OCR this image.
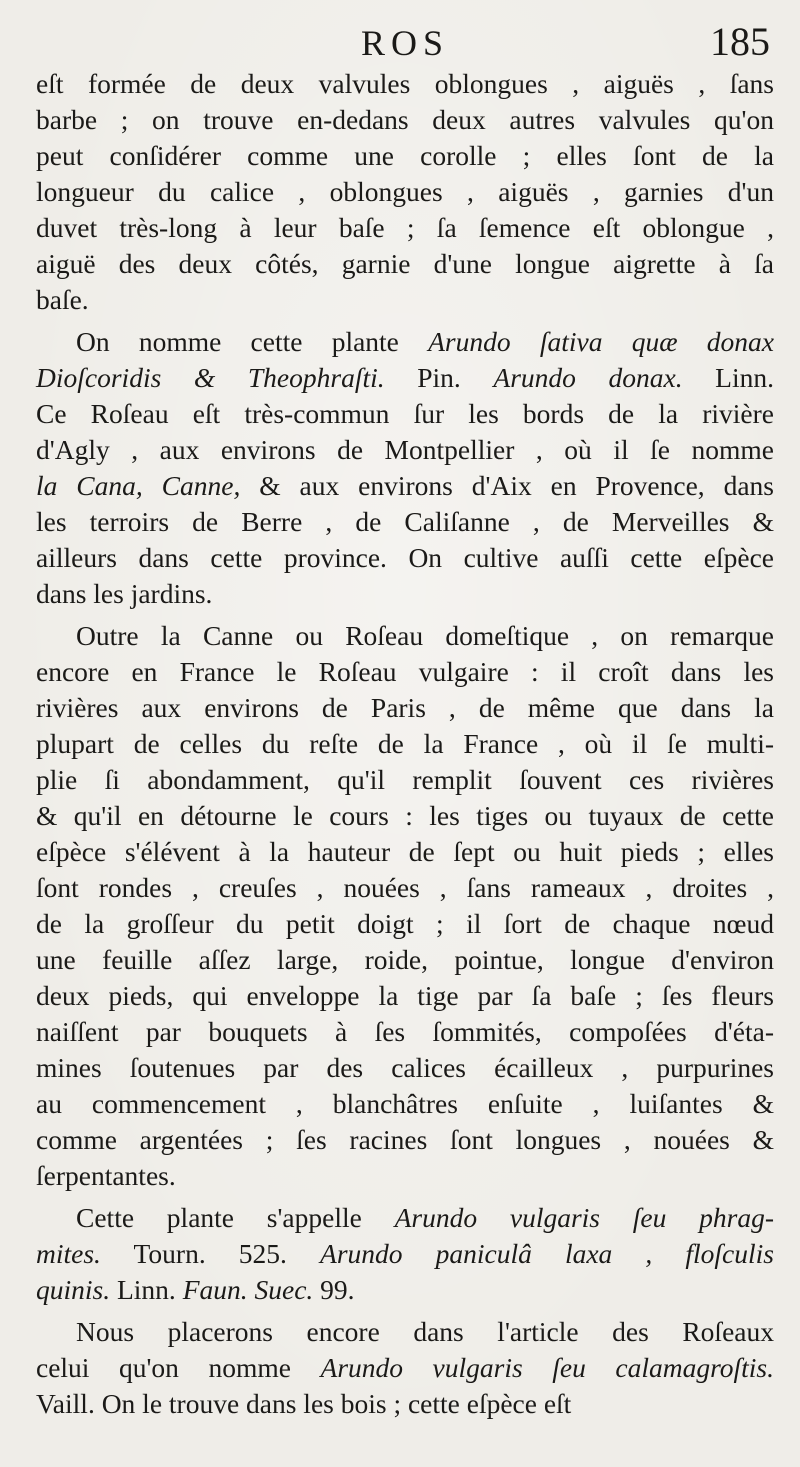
ROS	185
eſt formée de deux valvules oblongues , aiguës , ſans
barbe ; on trouve en-dedans deux autres valvules qu'on
peut conſidérer comme une corolle ; elles ſont de la
longueur du calice , oblongues , aiguës , garnies d'un
duvet très-long à leur baſe ; ſa ſemence eſt oblongue ,
aiguë des deux côtés, garnie d'une longue aigrette à ſa
baſe.
On nomme cette plante Arundo ſativa quæ donax
Dioſcoridis & Theophraſti. Pin. Arundo donax. Linn.
Ce Roſeau eſt très-commun ſur les bords de la rivière
d'Agly , aux environs de Montpellier , où il ſe nomme
la Cana, Canne, & aux environs d'Aix en Provence, dans
les terroirs de Berre , de Caliſanne , de Merveilles &
ailleurs dans cette province. On cultive auſſi cette eſpèce
dans les jardins.
Outre la Canne ou Roſeau domeſtique , on remarque
encore en France le Roſeau vulgaire : il croît dans les
rivières aux environs de Paris , de même que dans la
plupart de celles du reſte de la France , où il ſe multi-
plie ſi abondamment, qu'il remplit ſouvent ces rivières
& qu'il en détourne le cours : les tiges ou tuyaux de cette
eſpèce s'élévent à la hauteur de ſept ou huit pieds ; elles
ſont rondes , creuſes , nouées , ſans rameaux , droites ,
de la groſſeur du petit doigt ; il ſort de chaque nœud
une feuille aſſez large, roide, pointue, longue d'environ
deux pieds, qui enveloppe la tige par ſa baſe ; ſes fleurs
naiſſent par bouquets à ſes ſommités, compoſées d'éta-
mines ſoutenues par des calices écailleux , purpurines
au commencement , blanchâtres enſuite , luiſantes &
comme argentées ; ſes racines ſont longues , nouées &
ſerpentantes.
Cette plante s'appelle Arundo vulgaris ſeu phrag-
mites. Tourn. 525. Arundo paniculâ laxa , floſculis
quinis. Linn. Faun. Suec. 99.
Nous placerons encore dans l'article des Roſeaux
celui qu'on nomme Arundo vulgaris ſeu calamagroſtis.
Vaill. On le trouve dans les bois ; cette eſpèce eſt
